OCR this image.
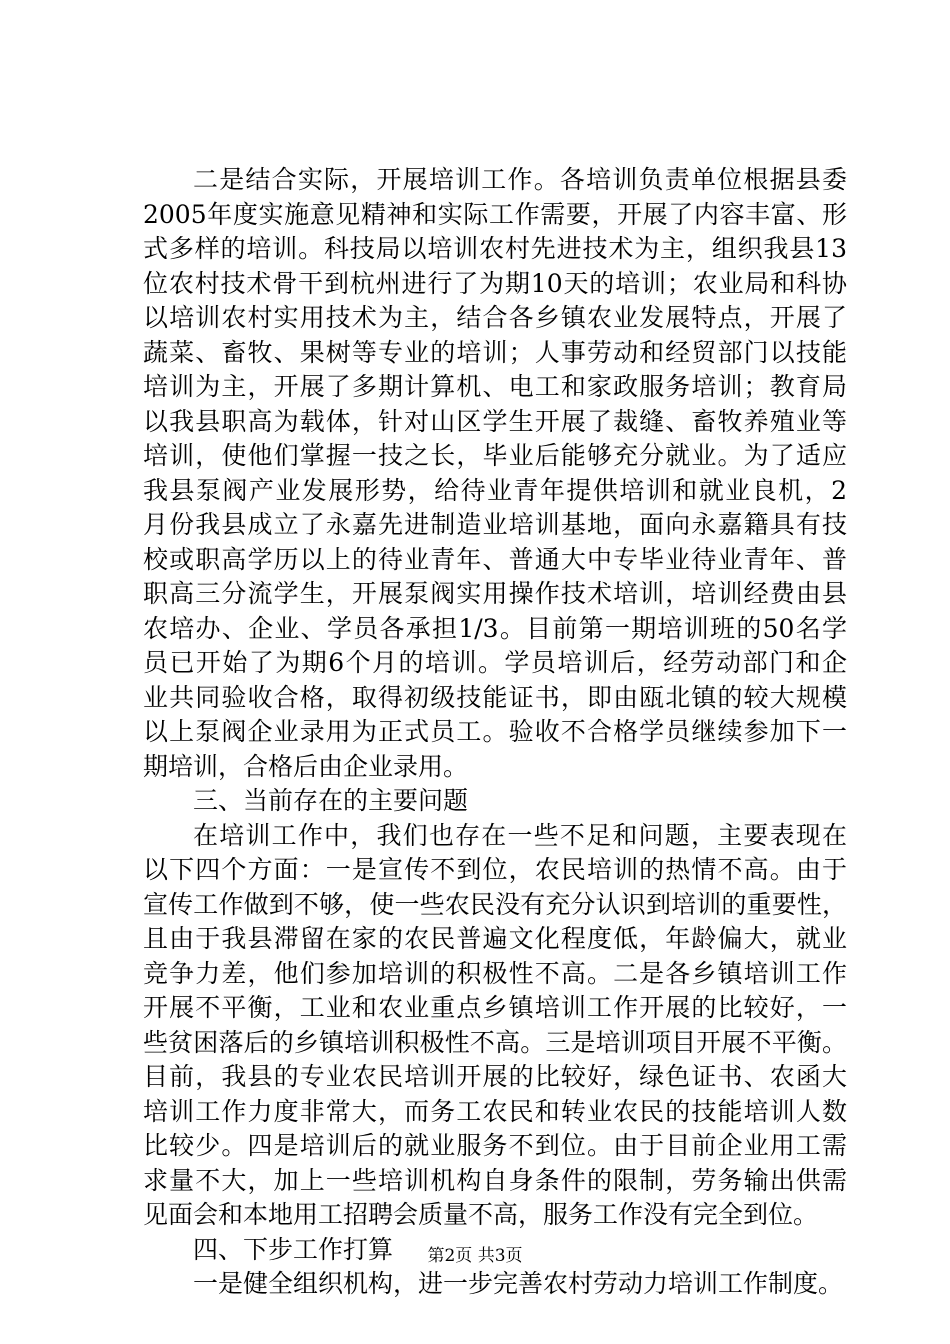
二是结合实际，开展培训工作。各培训负责单位根据县委
2005年度实施意见精神和实际工作需要，开展了内容丰富、形
式多样的培训。科技局以培训农村先进技术为主，组织我县13
位农村技术骨干到杭州进行了为期10天的培训；农业局和科协
以培训农村实用技术为主，结合各乡镇农业发展特点，开展了
蔬菜、畜牧、果树等专业的培训；人事劳动和经贸部门以技能
培训为主，开展了多期计算机、电工和家政服务培训；教育局
以我县职高为载体，针对山区学生开展了裁缝、畜牧养殖业等
培训，使他们掌握一技之长，毕业后能够充分就业。为了适应
我县泵阀产业发展形势，给待业青年提供培训和就业良机，2
月份我县成立了永嘉先进制造业培训基地，面向永嘉籍具有技
校或职高学历以上的待业青年、普通大中专毕业待业青年、普
职高三分流学生，开展泵阀实用操作技术培训，培训经费由县
农培办、企业、学员各承担1/3。目前第一期培训班的50名学
员已开始了为期6个月的培训。学员培训后，经劳动部门和企
业共同验收合格，取得初级技能证书，即由瓯北镇的较大规模
以上泵阀企业录用为正式员工。验收不合格学员继续参加下一
期培训，合格后由企业录用。
三、当前存在的主要问题
在培训工作中，我们也存在一些不足和问题，主要表现在
以下四个方面：一是宣传不到位，农民培训的热情不高。由于
宣传工作做到不够，使一些农民没有充分认识到培训的重要性，
且由于我县滞留在家的农民普遍文化程度低，年龄偏大，就业
竞争力差，他们参加培训的积极性不高。二是各乡镇培训工作
开展不平衡，工业和农业重点乡镇培训工作开展的比较好，一
些贫困落后的乡镇培训积极性不高。三是培训项目开展不平衡。
目前，我县的专业农民培训开展的比较好，绿色证书、农函大
培训工作力度非常大，而务工农民和转业农民的技能培训人数
比较少。四是培训后的就业服务不到位。由于目前企业用工需
求量不大，加上一些培训机构自身条件的限制，劳务输出供需
见面会和本地用工招聘会质量不高，服务工作没有完全到位。
四、下步工作打算
一是健全组织机构，进一步完善农村劳动力培训工作制度。
第2页 共3页
